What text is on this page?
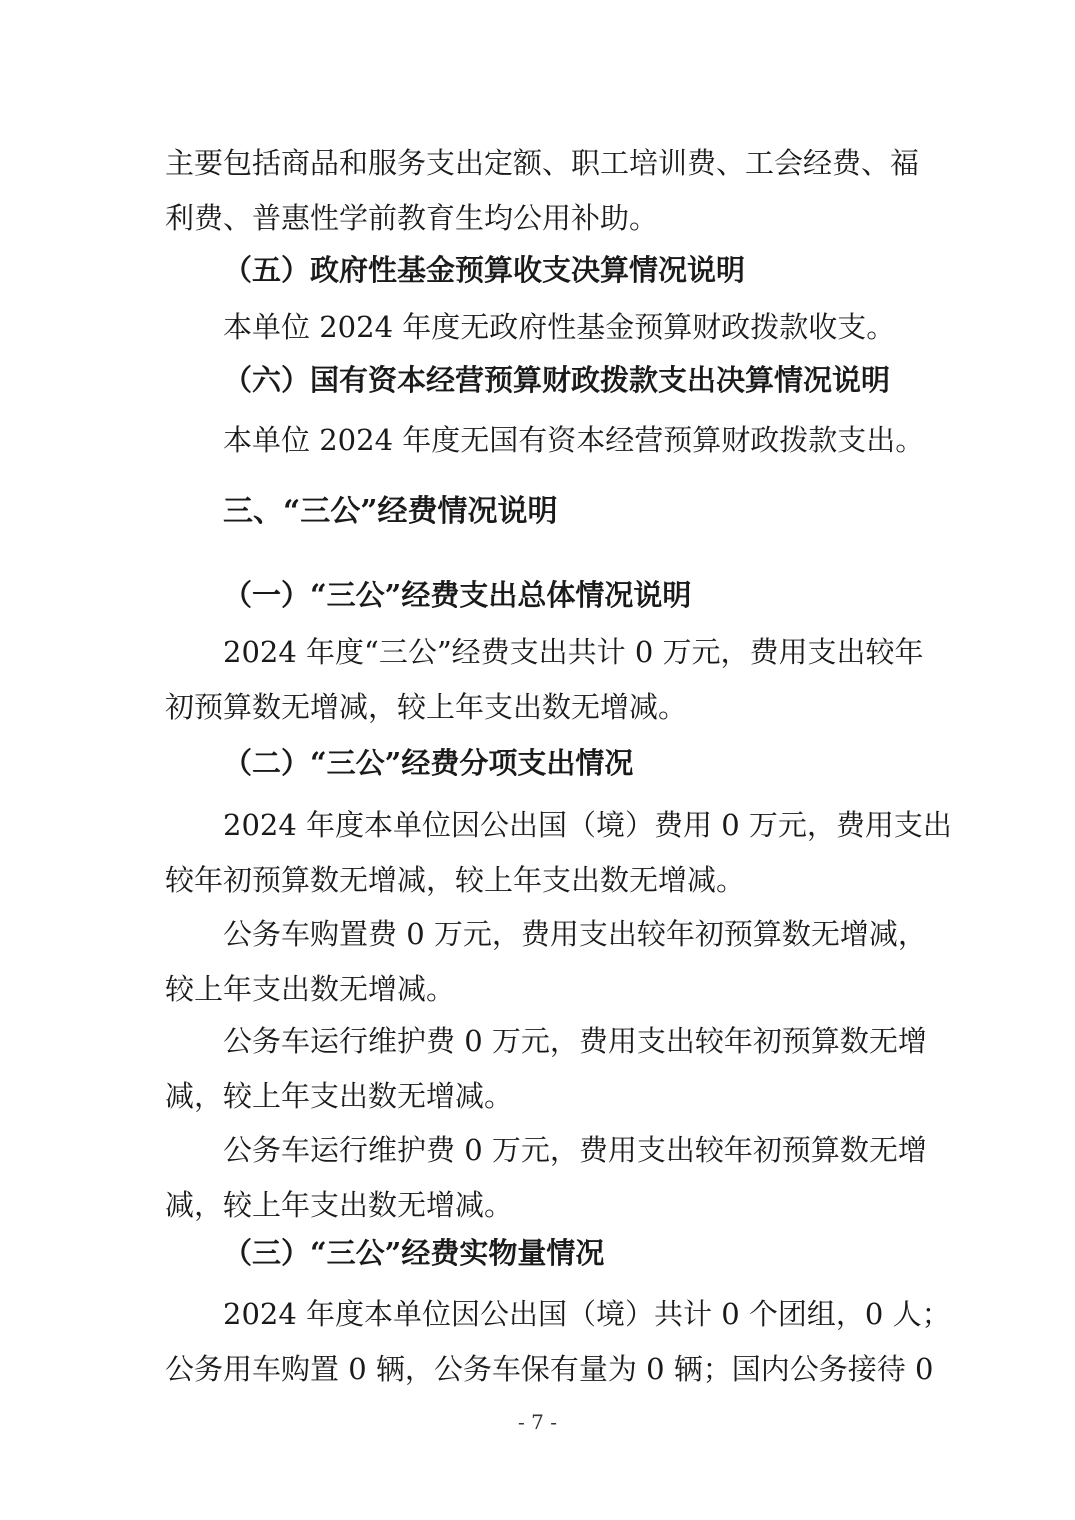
主要包括商品和服务支出定额、职工培训费、工会经费、福
利费、普惠性学前教育生均公用补助。
（五）政府性基金预算收支决算情况说明
本单位 2024 年度无政府性基金预算财政拨款收支。
（六）国有资本经营预算财政拨款支出决算情况说明
本单位 2024 年度无国有资本经营预算财政拨款支出。
三、“三公”经费情况说明
（一）“三公”经费支出总体情况说明
2024 年度“三公”经费支出共计 0 万元，费用支出较年
初预算数无增减，较上年支出数无增减。
（二）“三公”经费分项支出情况
2024 年度本单位因公出国（境）费用 0 万元，费用支出
较年初预算数无增减，较上年支出数无增减。
公务车购置费 0 万元，费用支出较年初预算数无增减，
较上年支出数无增减。
公务车运行维护费 0 万元，费用支出较年初预算数无增
减，较上年支出数无增减。
公务车运行维护费 0 万元，费用支出较年初预算数无增
减，较上年支出数无增减。
（三）“三公”经费实物量情况
2024 年度本单位因公出国（境）共计 0 个团组，0 人；
公务用车购置 0 辆，公务车保有量为 0 辆；国内公务接待 0
- 7 -
